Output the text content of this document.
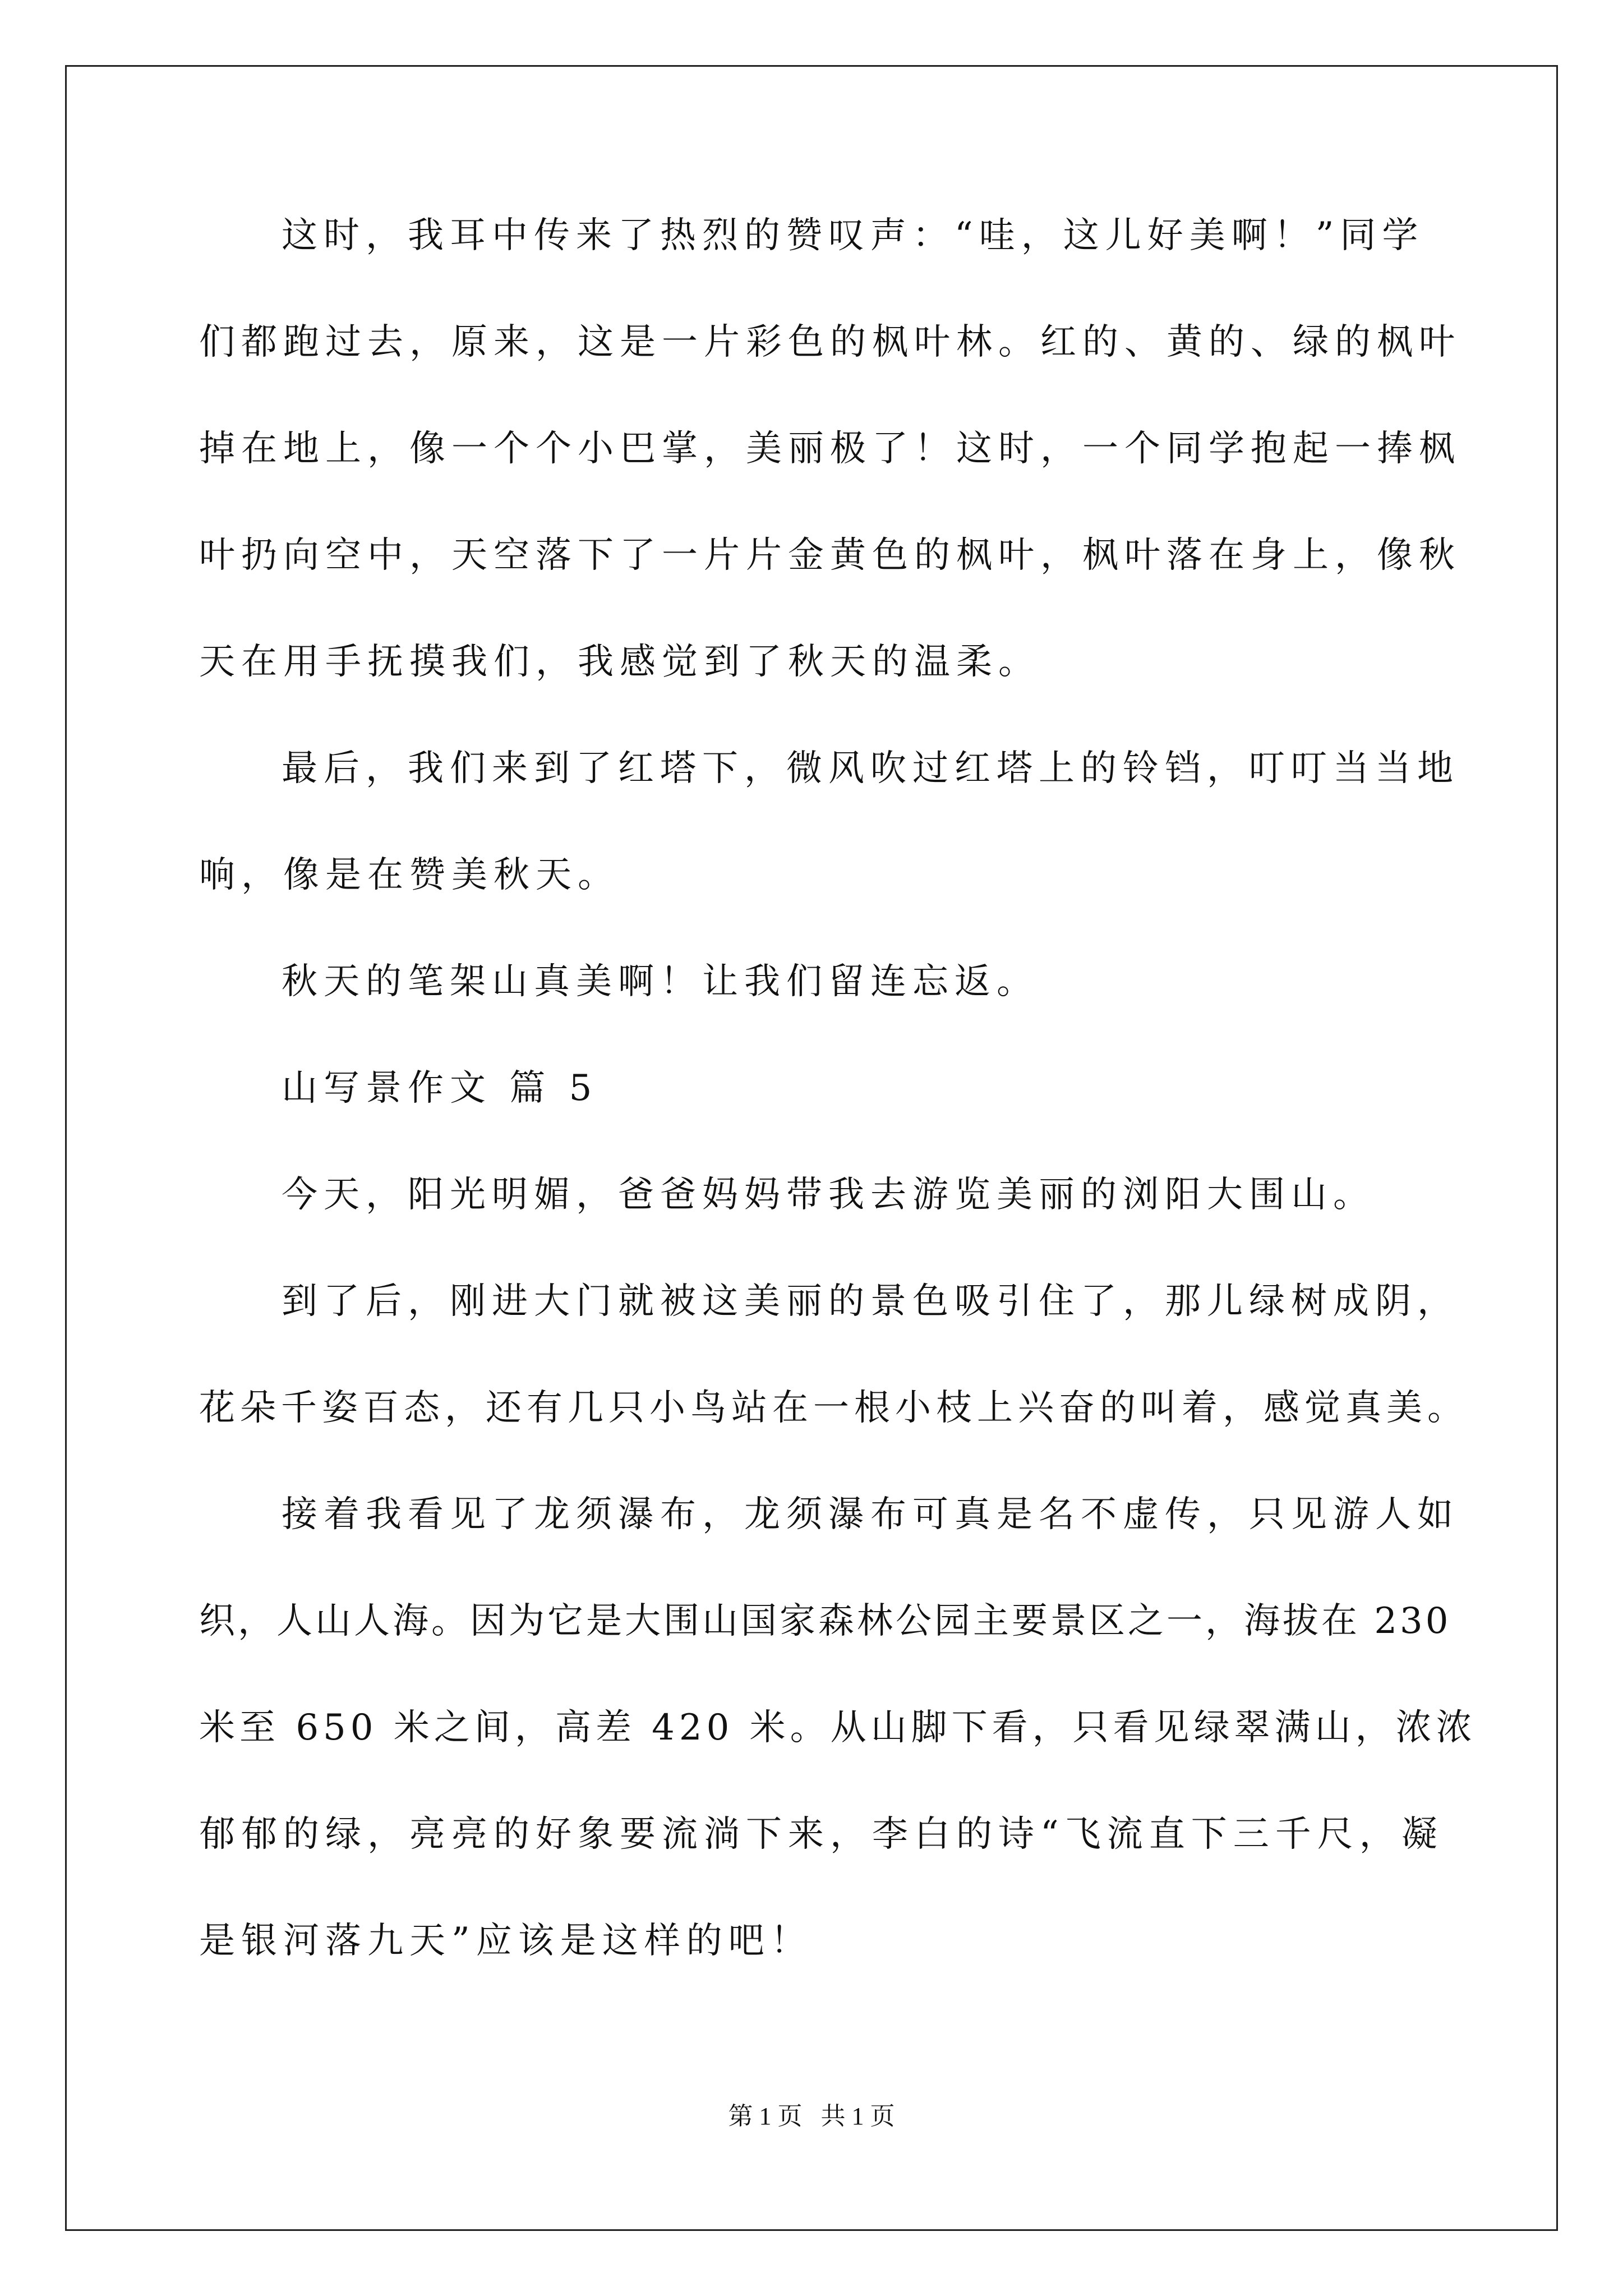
这时，我耳中传来了热烈的赞叹声：“哇，这儿好美啊！”同学
们都跑过去，原来，这是一片彩色的枫叶林。红的、黄的、绿的枫叶
掉在地上，像一个个小巴掌，美丽极了！这时，一个同学抱起一捧枫
叶扔向空中，天空落下了一片片金黄色的枫叶，枫叶落在身上，像秋
天在用手抚摸我们，我感觉到了秋天的温柔。
最后，我们来到了红塔下，微风吹过红塔上的铃铛，叮叮当当地
响，像是在赞美秋天。
秋天的笔架山真美啊！让我们留连忘返。
山写景作文 篇 5
今天，阳光明媚，爸爸妈妈带我去游览美丽的浏阳大围山。
到了后，刚进大门就被这美丽的景色吸引住了，那儿绿树成阴，
花朵千姿百态，还有几只小鸟站在一根小枝上兴奋的叫着，感觉真美。
接着我看见了龙须瀑布，龙须瀑布可真是名不虚传，只见游人如
织，人山人海。因为它是大围山国家森林公园主要景区之一，海拔在 230
米至 650 米之间，高差 420 米。从山脚下看，只看见绿翠满山，浓浓
郁郁的绿，亮亮的好象要流淌下来，李白的诗“飞流直下三千尺，凝
是银河落九天”应该是这样的吧！
第 1 页   共 1 页
